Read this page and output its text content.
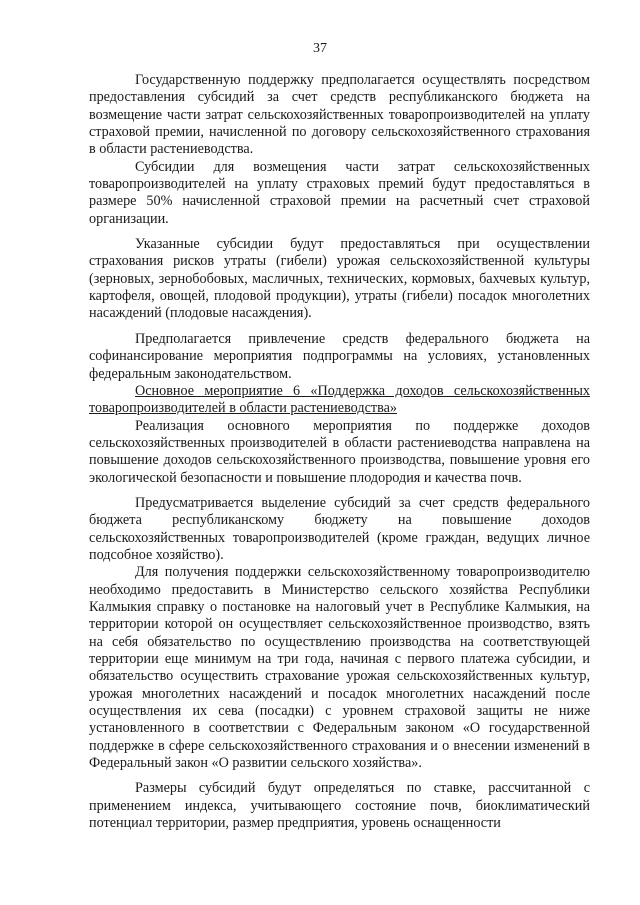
37

Государственную поддержку предполагается осуществлять посредством предоставления субсидий за счет средств республиканского бюджета на возмещение части затрат сельскохозяйственных товаропроизводителей на уплату страховой премии, начисленной по договору сельскохозяйственного страхования в области растениеводства.

Субсидии для возмещения части затрат сельскохозяйственных товаропроизводителей на уплату страховых премий будут предоставляться в размере 50% начисленной страховой премии на расчетный счет страховой организации.

Указанные субсидии будут предоставляться при осуществлении страхования рисков утраты (гибели) урожая сельскохозяйственной культуры (зерновых, зернобобовых, масличных, технических, кормовых, бахчевых культур, картофеля, овощей, плодовой продукции), утраты (гибели) посадок многолетних насаждений (плодовые насаждения).

Предполагается привлечение средств федерального бюджета на софинансирование мероприятия подпрограммы на условиях, установленных федеральным законодательством.

Основное мероприятие 6 «Поддержка доходов сельскохозяйственных товаропроизводителей в области растениеводства»

Реализация основного мероприятия по поддержке доходов сельскохозяйственных производителей в области растениеводства направлена на повышение доходов сельскохозяйственного производства, повышение уровня его экологической безопасности и повышение плодородия и качества почв.

Предусматривается выделение субсидий за счет средств федерального бюджета республиканскому бюджету на повышение доходов сельскохозяйственных товаропроизводителей (кроме граждан, ведущих личное подсобное хозяйство).

Для получения поддержки сельскохозяйственному товаропроизводителю необходимо предоставить в Министерство сельского хозяйства Республики Калмыкия справку о постановке на налоговый учет в Республике Калмыкия, на территории которой он осуществляет сельскохозяйственное производство, взять на себя обязательство по осуществлению производства на соответствующей территории еще минимум на три года, начиная с первого платежа субсидии, и обязательство осуществить страхование урожая сельскохозяйственных культур, урожая многолетних насаждений и посадок многолетних насаждений после осуществления их сева (посадки) с уровнем страховой защиты не ниже установленного в соответствии с Федеральным законом «О государственной поддержке в сфере сельскохозяйственного страхования и о внесении изменений в Федеральный закон «О развитии сельского хозяйства».

Размеры субсидий будут определяться по ставке, рассчитанной с применением индекса, учитывающего состояние почв, биоклиматический потенциал территории, размер предприятия, уровень оснащенности
